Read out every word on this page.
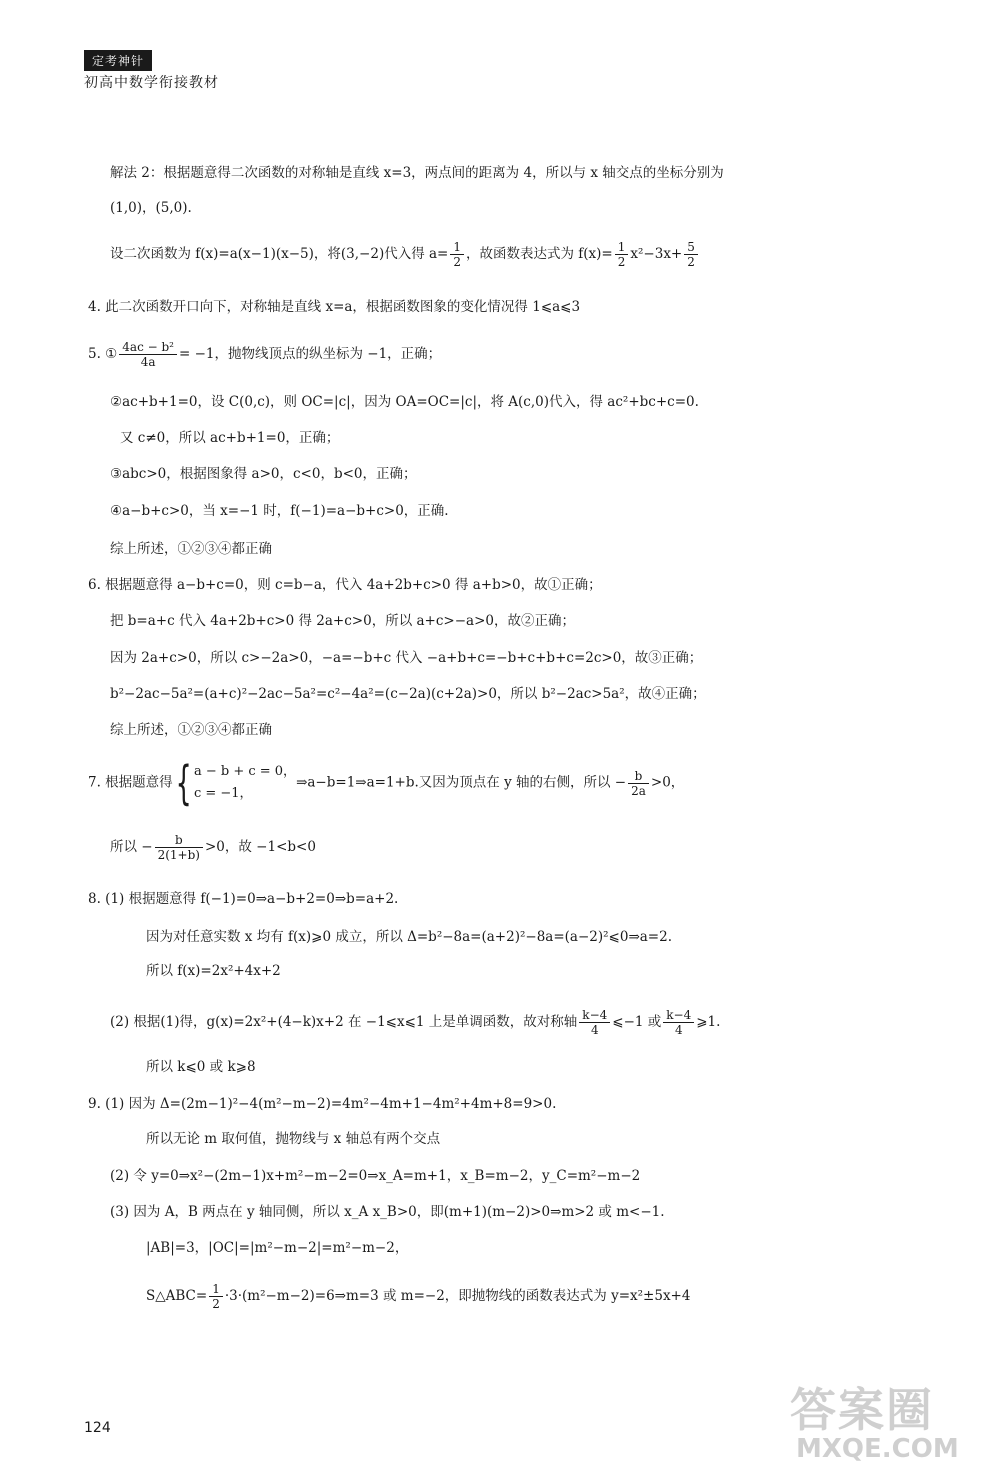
定考神针
初高中数学衔接教材
解法 2：根据题意得二次函数的对称轴是直线 x=3，两点间的距离为 4，所以与 x 轴交点的坐标分别为
(1,0)，(5,0).
设二次函数为 f(x)=a(x−1)(x−5)，将(3,−2)代入得 $a= \frac{1}{2}$ ，故函数表达式为 $f(x)= \frac{1}{2} x^2-3x+ \frac{5}{2}$
4. 此二次函数开口向下，对称轴是直线 x=a，根据函数图象的变化情况得 1⩽a⩽3
5. ① $\frac{\text{4ac − b²}}{4a} = -1$，抛物线顶点的纵坐标为 −1，正确；
②ac+b+1=0，设 C(0,c)，则 OC=|c|，因为 OA=OC=|c|，将 A(c,0)代入，得 ac²+bc+c=0.
又 c≠0，所以 ac+b+1=0，正确；
③abc>0，根据图象得 a>0，c<0，b<0，正确；
④a−b+c>0，当 x=−1 时，f(−1)=a−b+c>0，正确.
综上所述，①②③④都正确
6. 根据题意得 a−b+c=0，则 c=b−a，代入 4a+2b+c>0 得 a+b>0，故①正确；
把 b=a+c 代入 4a+2b+c>0 得 2a+c>0，所以 a+c>−a>0，故②正确；
因为 2a+c>0，所以 c>−2a>0，−a=−b+c 代入 −a+b+c=−b+c+b+c=2c>0，故③正确；
b²−2ac−5a²=(a+c)²−2ac−5a²=c²−4a²=(c−2a)(c+2a)>0，所以 b²−2ac>5a²，故④正确；
综上所述，①②③④都正确
7. 根据题意得 { a − b + c = 0，
c = −1，
⇒a−b=1⇒a=1+b.又因为顶点在 y 轴的右侧，所以 − $\frac{b}{2a} >0$，
所以 − $\frac{b}{2(1+b)} >0$，故 −1<b<0
8. (1) 根据题意得 f(−1)=0⇒a−b+2=0⇒b=a+2.
因为对任意实数 x 均有 f(x)⩾0 成立，所以 Δ=b²−8a=(a+2)²−8a=(a−2)²⩽0⇒a=2.
所以 f(x)=2x²+4x+2
(2) 根据(1)得，g(x)=2x²+(4−k)x+2 在 −1⩽x⩽1 上是单调函数，故对称轴 $\frac{k-4}{4}$ ⩽−1 或 $\frac{k-4}{4}$ ⩾1.
所以 k⩽0 或 k⩾8
9. (1) 因为 Δ=(2m−1)²−4(m²−m−2)=4m²−4m+1−4m²+4m+8=9>0.
所以无论 m 取何值，抛物线与 x 轴总有两个交点
(2) 令 y=0⇒x²−(2m−1)x+m²−m−2=0⇒x_A=m+1，x_B=m−2，y_C=m²−m−2
(3) 因为 A，B 两点在 y 轴同侧，所以 x_A x_B>0，即(m+1)(m−2)>0⇒m>2 或 m<−1.
|AB|=3，|OC|=|m²−m−2|=m²−m−2，
S△ABC= $\frac{1}{2}$ ·3·(m²−m−2)=6⇒m=3 或 m=−2，即抛物线的函数表达式为 y=x²±5x+4
124	答案圈
MXQE.COM
